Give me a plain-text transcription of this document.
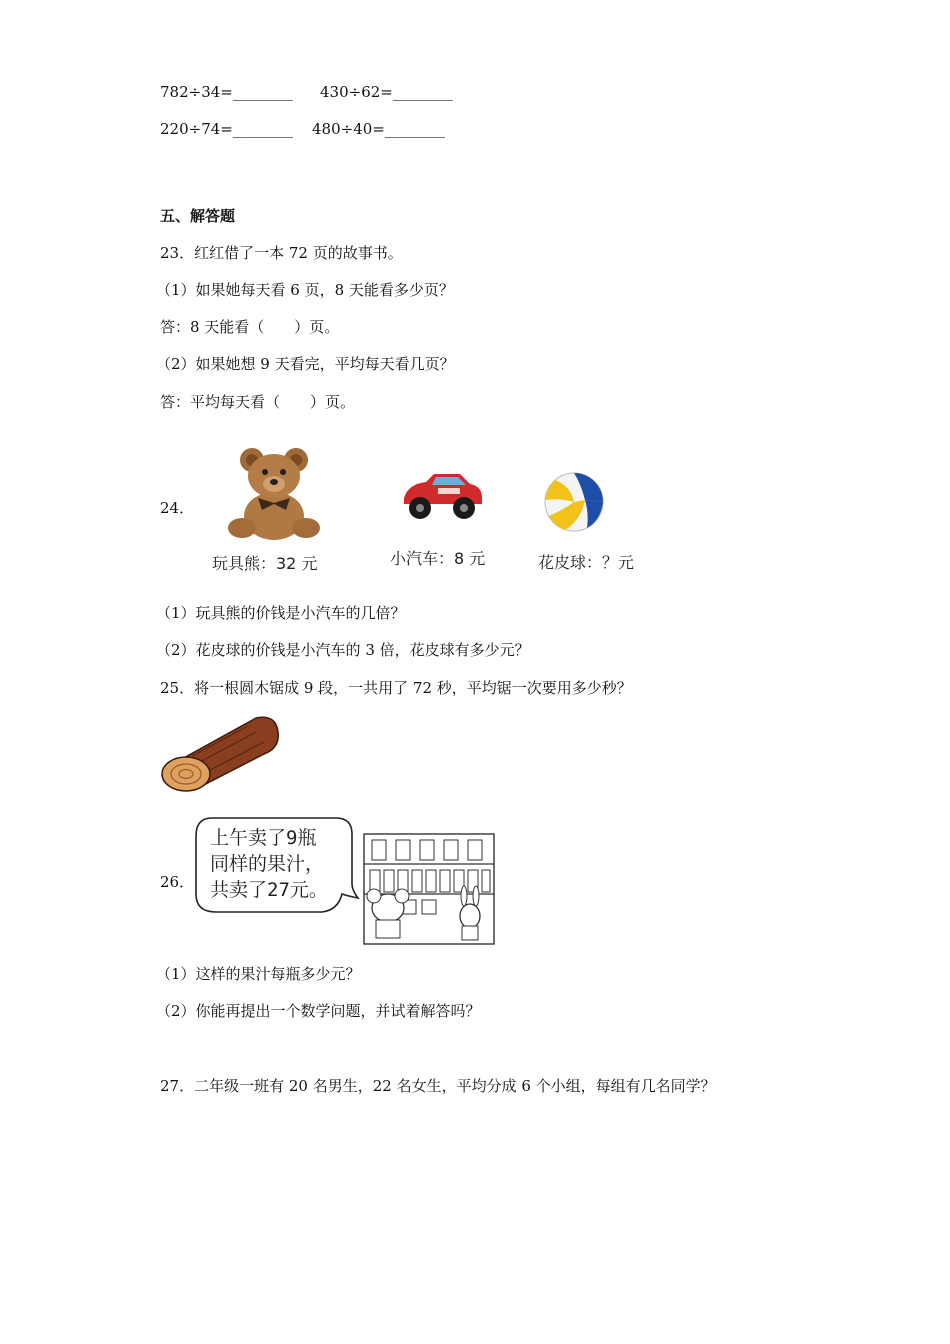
782÷34=________ 430÷62=________
220÷74=________ 480÷40=________
五、解答题
23．红红借了一本 72 页的故事书。
（1）如果她每天看 6 页，8 天能看多少页？
答：8 天能看（　　）页。
（2）如果她想 9 天看完，平均每天看几页？
答：平均每天看（　　）页。
24．
玩具熊：32 元	小汽车：8 元	花皮球：？元
（1）玩具熊的价钱是小汽车的几倍？
（2）花皮球的价钱是小汽车的 3 倍，花皮球有多少元？
25．将一根圆木锯成 9 段，一共用了 72 秒，平均锯一次要用多少秒？
26．
上午卖了9瓶
同样的果汁，
共卖了27元。
（1）这样的果汁每瓶多少元？
（2）你能再提出一个数学问题，并试着解答吗？
27．二年级一班有 20 名男生，22 名女生，平均分成 6 个小组，每组有几名同学？
